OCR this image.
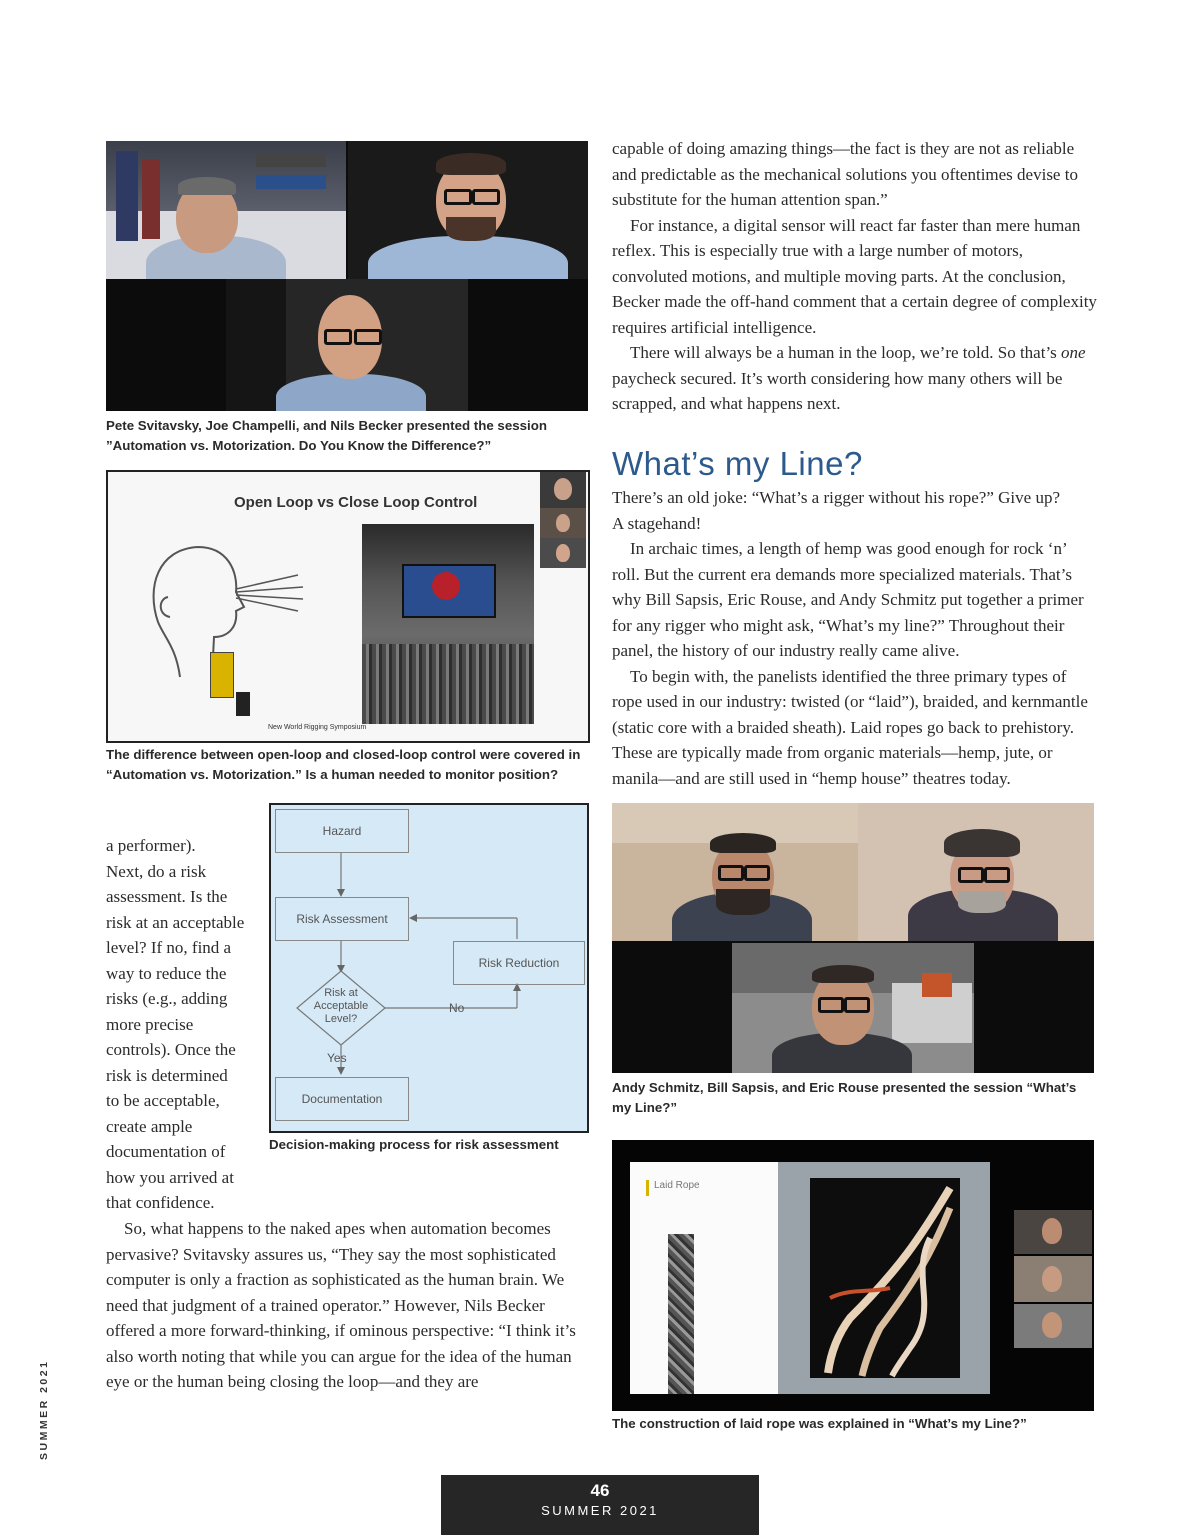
Pete Svitavsky, Joe Champelli, and Nils Becker presented the session ”Automation vs. Motorization. Do You Know the Difference?”
Open Loop vs Close Loop Control
New World Rigging Symposium
The difference between open-loop and closed-loop control were covered in “Automation vs. Motorization.” Is a human needed to monitor position?
a performer).
Next, do a risk
assessment. Is the
risk at an acceptable
level? If no, find a
way to reduce the
risks (e.g., adding
more precise
controls). Once the
risk is determined
to be acceptable,
create ample
documentation of
how you arrived at
that confidence.
Hazard
Risk Assessment
Risk Reduction
Risk at
Acceptable
Level?
No
Yes
Documentation
Decision-making process for risk assessment

So, what happens to the naked apes when automation becomes pervasive? Svitavsky assures us, “They say the most sophisticated computer is only a fraction as sophisticated as the human brain. We need that judgment of a trained operator.” However, Nils Becker offered a more forward-thinking, if ominous perspective: “I think it’s also worth noting that while you can argue for the idea of the human eye or the human being closing the loop—and they are

capable of doing amazing things—the fact is they are not as reliable and predictable as the mechanical solutions you oftentimes devise to substitute for the human attention span.”

For instance, a digital sensor will react far faster than mere human reflex. This is especially true with a large number of motors, convoluted motions, and multiple moving parts. At the conclusion, Becker made the off-hand comment that a certain degree of complexity requires artificial intelligence.

There will always be a human in the loop, we’re told. So that’s one paycheck secured. It’s worth considering how many others will be scrapped, and what happens next.

What’s my Line?
There’s an old joke: “What’s a rigger without his rope?” Give up?
A stagehand!

In archaic times, a length of hemp was good enough for rock ‘n’ roll. But the current era demands more specialized materials. That’s why Bill Sapsis, Eric Rouse, and Andy Schmitz put together a primer for any rigger who might ask, “What’s my line?” Throughout their panel, the history of our industry really came alive.

To begin with, the panelists identified the three primary types of rope used in our industry: twisted (or “laid”), braided, and kernmantle (static core with a braided sheath). Laid ropes go back to prehistory. These are typically made from organic materials—hemp, jute, or manila—and are still used in “hemp house” theatres today.

Andy Schmitz, Bill Sapsis, and Eric Rouse presented the session “What’s my Line?”
Laid Rope
The construction of laid rope was explained in “What’s my Line?”
SUMMER 2021
46
SUMMER 2021
